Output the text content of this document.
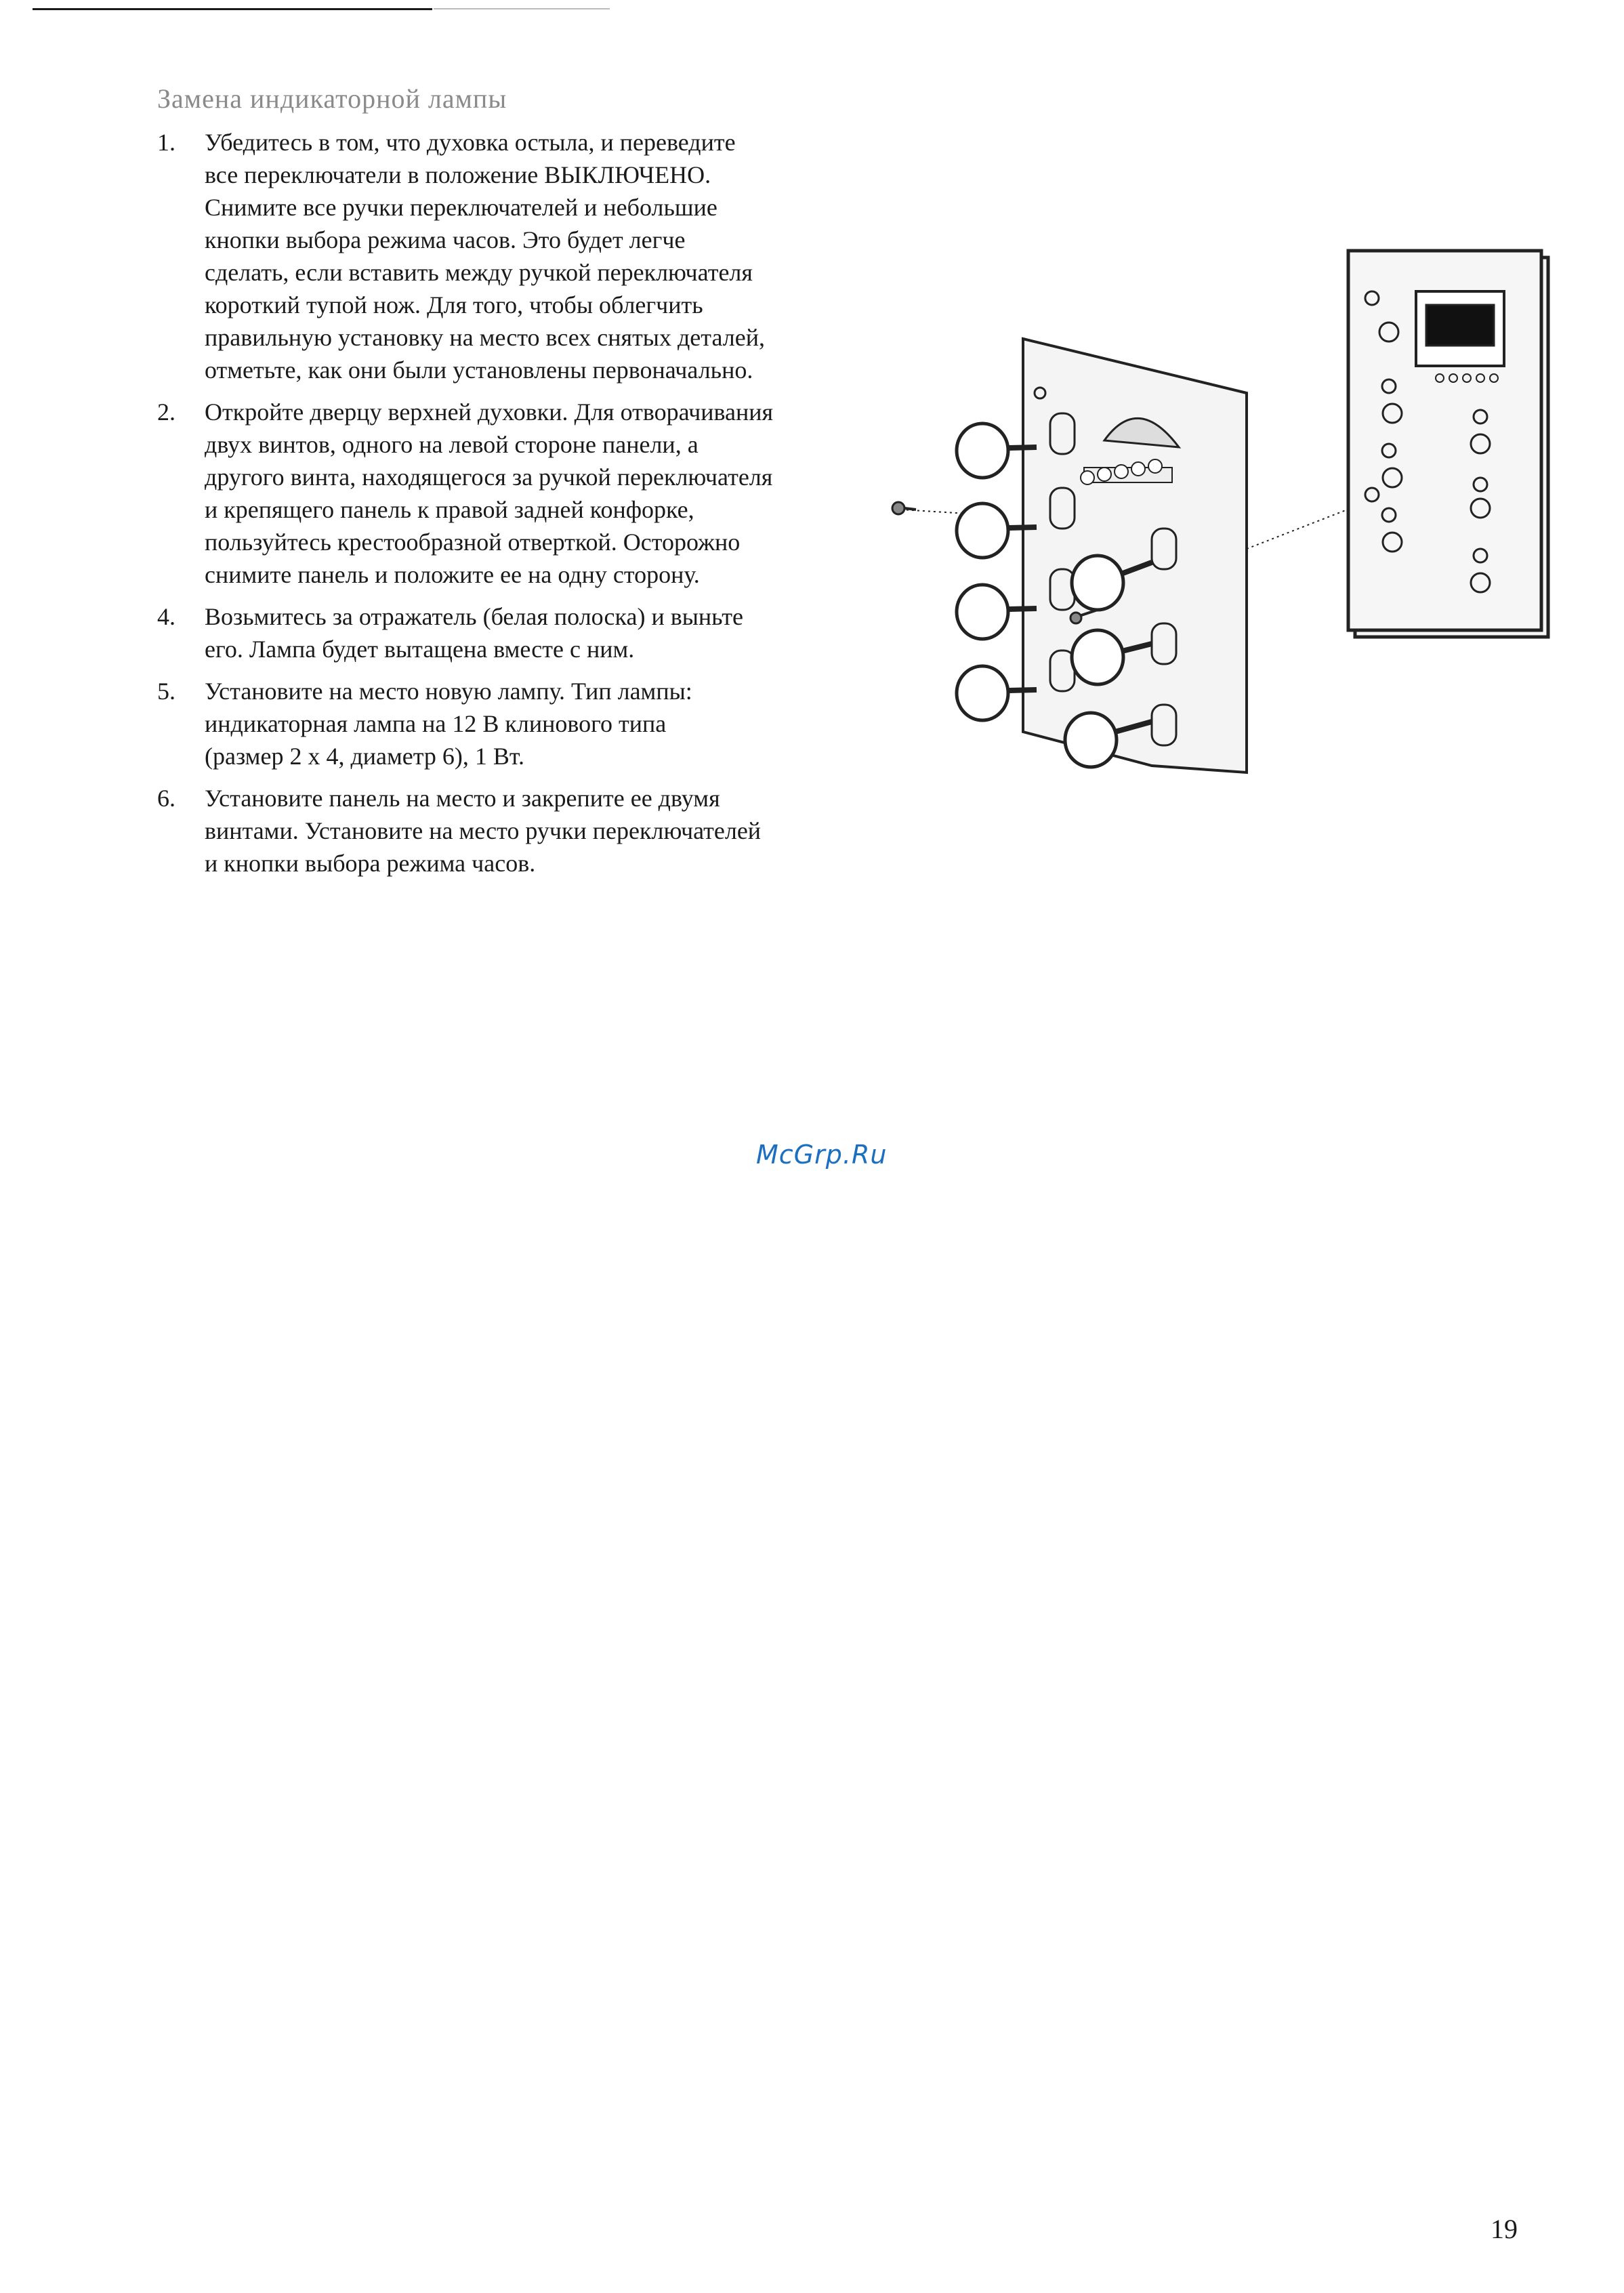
Замена индикаторной лампы
1. Убедитесь в том, что духовка остыла, и переведите
все переключатели в положение ВЫКЛЮЧЕНО.
Снимите все ручки переключателей и небольшие
кнопки выбора режима часов. Это будет легче
сделать, если вставить между ручкой переключателя
короткий тупой нож. Для того, чтобы облегчить
правильную установку на место всех снятых деталей,
отметьте, как они были установлены первоначально.
2. Откройте дверцу верхней духовки. Для отворачивания
двух винтов, одного на левой стороне панели, а
другого винта, находящегося за ручкой переключателя
и крепящего панель к правой задней конфорке,
пользуйтесь крестообразной отверткой. Осторожно
снимите панель и положите ее на одну сторону.
4. Возьмитесь за отражатель (белая полоска) и выньте
его. Лампа будет вытащена вместе с ним.
5. Установите на место новую лампу. Тип лампы:
индикаторная лампа на 12 В клинового типа
(размер 2 х 4, диаметр 6), 1 Вт.
6. Установите панель на место и закрепите ее двумя
винтами. Установите на место ручки переключателей
и кнопки выбора режима часов.
McGrp.Ru
19
